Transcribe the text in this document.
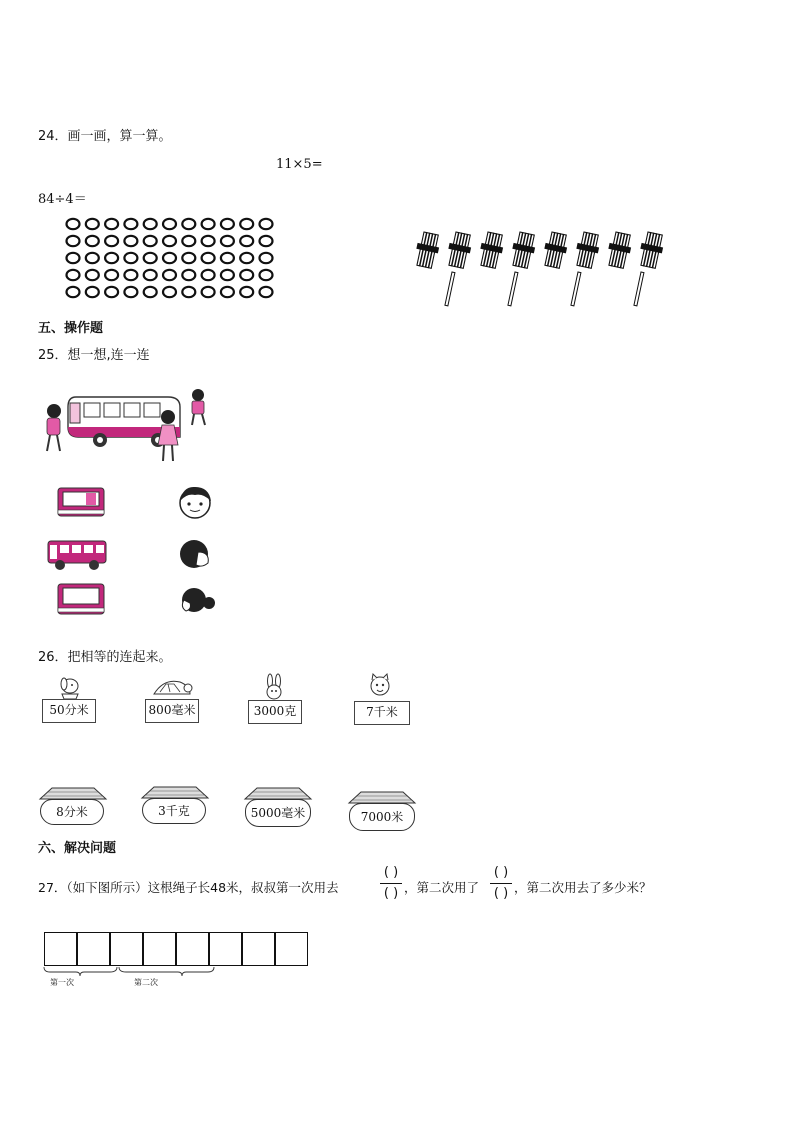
24．画一画，算一算。
11×5=
84÷4＝
五、操作题
25．想一想,连一连
26．把相等的连起来。
50分米	800毫米	3000克	7千米
8分米	3千克	5000毫米	7000米
六、解决问题
27．（如下图所示）这根绳子长48米，叔叔第一次用去
( )
( ) ，第二次用了
( )
( ) ，第二次用去了多少米？
第一次	第二次
